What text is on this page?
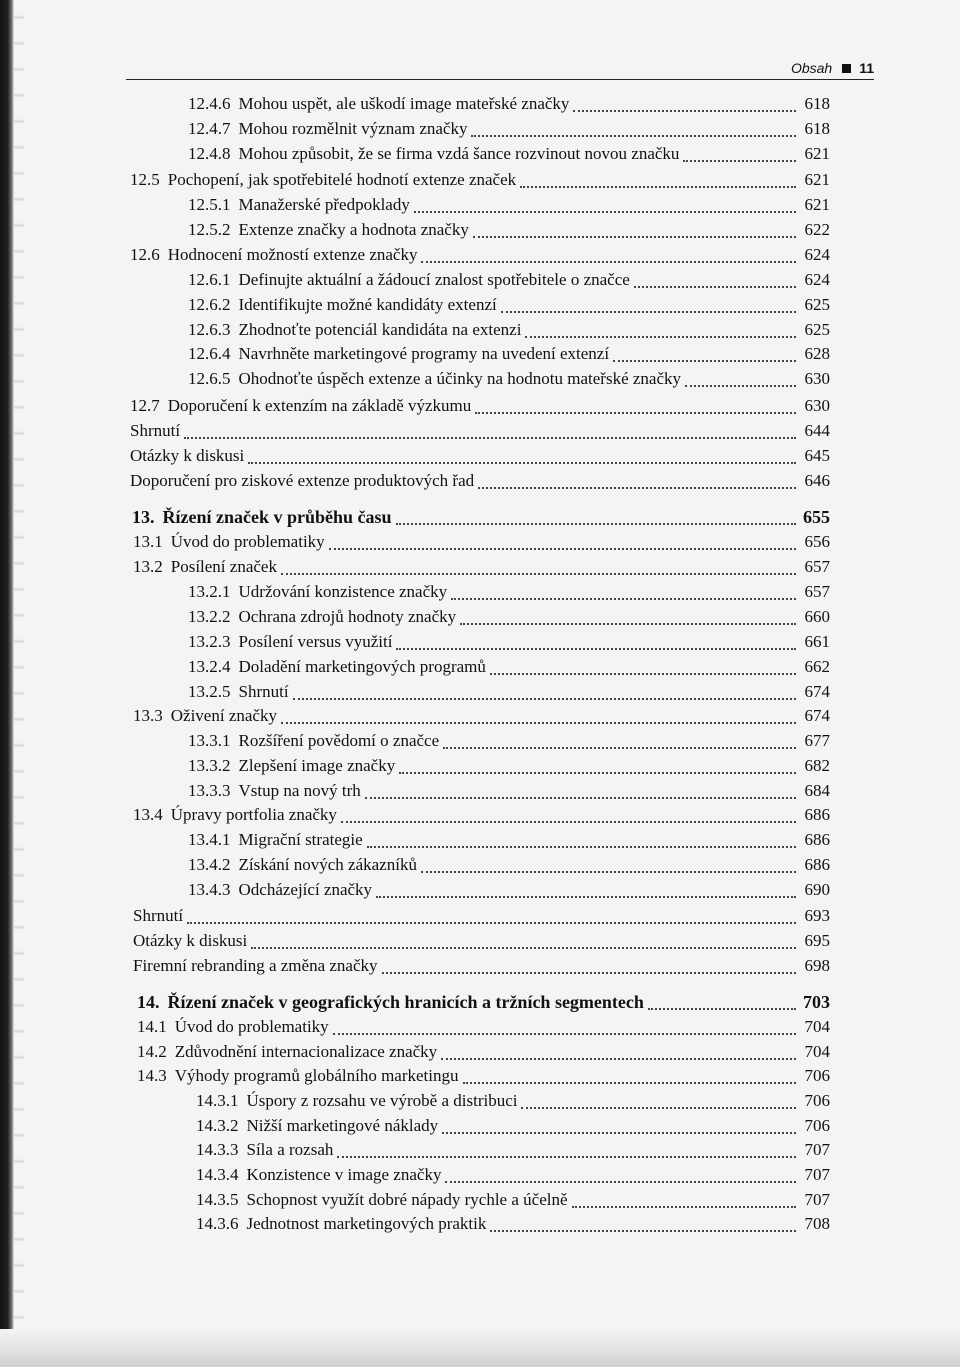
Obsah 11
12.4.6 Mohou uspět, ale uškodí image mateřské značky	618
12.4.7 Mohou rozmělnit význam značky	618
12.4.8 Mohou způsobit, že se firma vzdá šance rozvinout novou značku	621
12.5 Pochopení, jak spotřebitelé hodnotí extenze značek	621
12.5.1 Manažerské předpoklady	621
12.5.2 Extenze značky a hodnota značky	622
12.6 Hodnocení možností extenze značky	624
12.6.1 Definujte aktuální a žádoucí znalost spotřebitele o značce	624
12.6.2 Identifikujte možné kandidáty extenzí	625
12.6.3 Zhodnoťte potenciál kandidáta na extenzi	625
12.6.4 Navrhněte marketingové programy na uvedení extenzí	628
12.6.5 Ohodnoťte úspěch extenze a účinky na hodnotu mateřské značky	630
12.7 Doporučení k extenzím na základě výzkumu	630
Shrnutí	644
Otázky k diskusi	645
Doporučení pro ziskové extenze produktových řad	646
13. Řízení značek v průběhu času	655
13.1 Úvod do problematiky	656
13.2 Posílení značek	657
13.2.1 Udržování konzistence značky	657
13.2.2 Ochrana zdrojů hodnoty značky	660
13.2.3 Posílení versus využití	661
13.2.4 Doladění marketingových programů	662
13.2.5 Shrnutí	674
13.3 Oživení značky	674
13.3.1 Rozšíření povědomí o značce	677
13.3.2 Zlepšení image značky	682
13.3.3 Vstup na nový trh	684
13.4 Úpravy portfolia značky	686
13.4.1 Migrační strategie	686
13.4.2 Získání nových zákazníků	686
13.4.3 Odcházející značky	690
Shrnutí	693
Otázky k diskusi	695
Firemní rebranding a změna značky	698
14. Řízení značek v geografických hranicích a tržních segmentech	703
14.1 Úvod do problematiky	704
14.2 Zdůvodnění internacionalizace značky	704
14.3 Výhody programů globálního marketingu	706
14.3.1 Úspory z rozsahu ve výrobě a distribuci	706
14.3.2 Nižší marketingové náklady	706
14.3.3 Síla a rozsah	707
14.3.4 Konzistence v image značky	707
14.3.5 Schopnost využít dobré nápady rychle a účelně	707
14.3.6 Jednotnost marketingových praktik	708
